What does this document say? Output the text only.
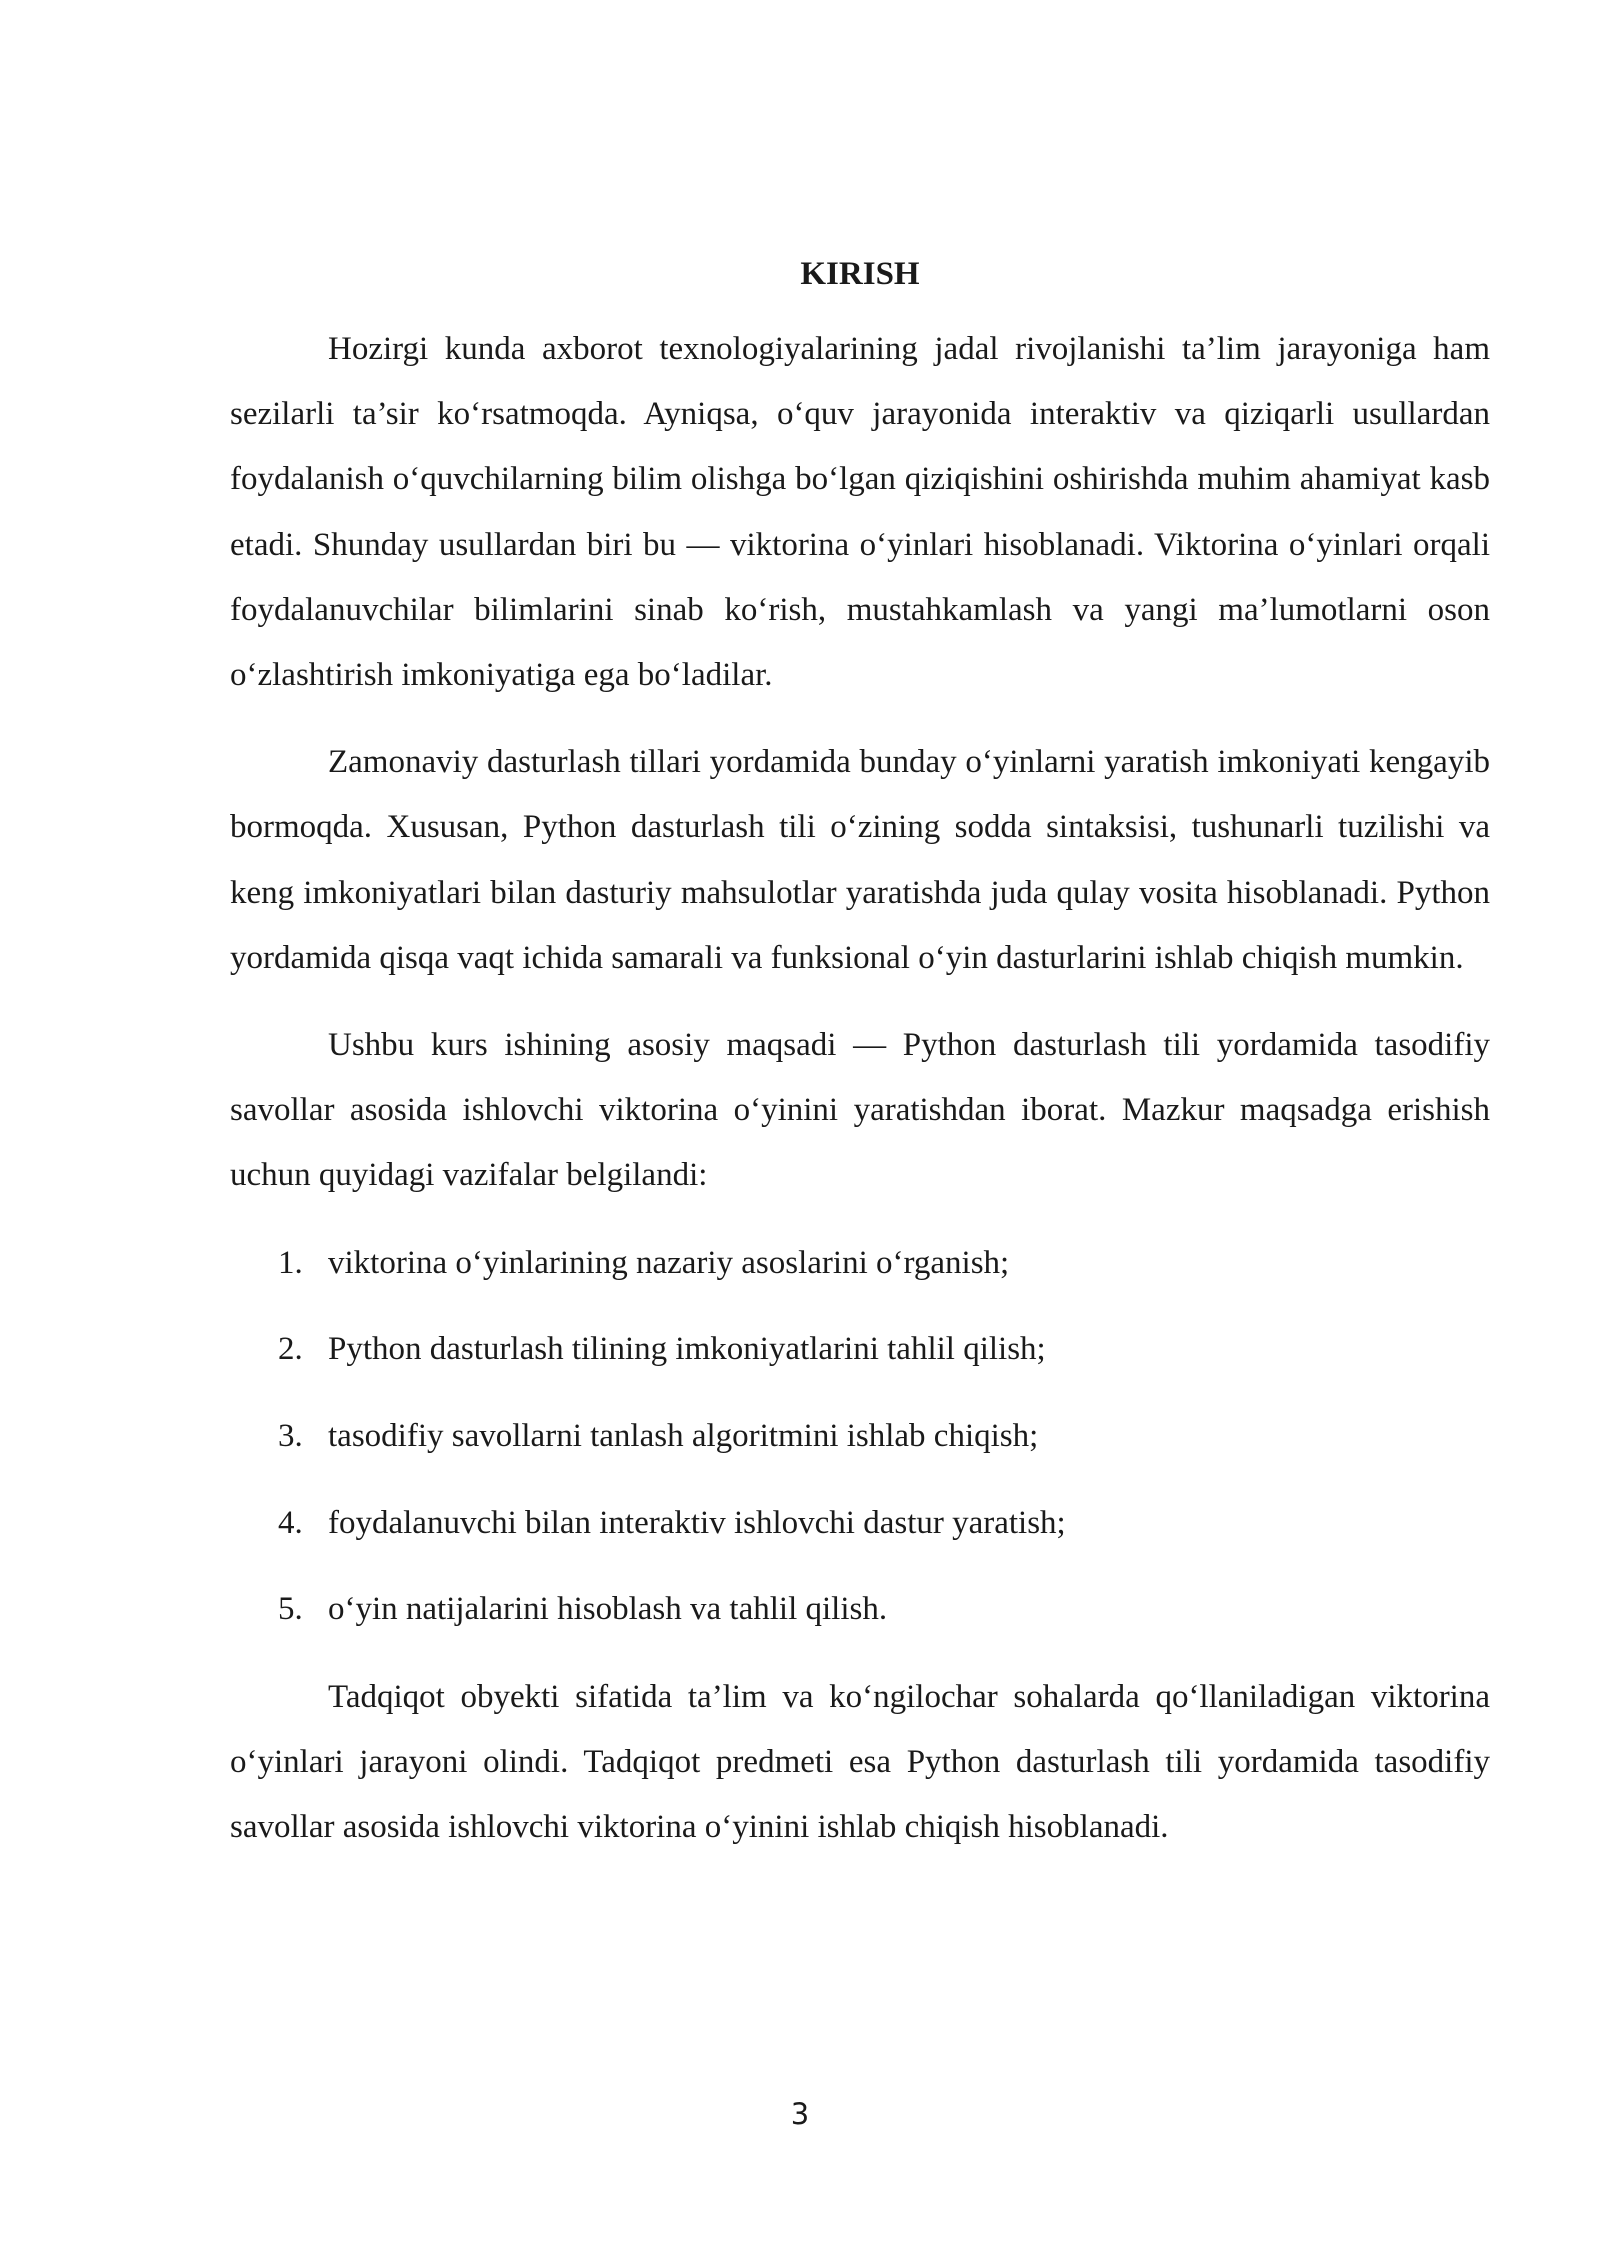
KIRISH

Hozirgi kunda axborot texnologiyalarining jadal rivojlanishi ta’lim jarayoniga ham sezilarli ta’sir ko‘rsatmoqda. Ayniqsa, o‘quv jarayonida interaktiv va qiziqarli usullardan foydalanish o‘quvchilarning bilim olishga bo‘lgan qiziqishini oshirishda muhim ahamiyat kasb etadi. Shunday usullardan biri bu — viktorina o‘yinlari hisoblanadi. Viktorina o‘yinlari orqali foydalanuvchilar bilimlarini sinab ko‘rish, mustahkamlash va yangi ma’lumotlarni oson o‘zlashtirish imkoniyatiga ega bo‘ladilar.

Zamonaviy dasturlash tillari yordamida bunday o‘yinlarni yaratish imkoniyati kengayib bormoqda. Xususan, Python dasturlash tili o‘zining sodda sintaksisi, tushunarli tuzilishi va keng imkoniyatlari bilan dasturiy mahsulotlar yaratishda juda qulay vosita hisoblanadi. Python yordamida qisqa vaqt ichida samarali va funksional o‘yin dasturlarini ishlab chiqish mumkin.

Ushbu kurs ishining asosiy maqsadi — Python dasturlash tili yordamida tasodifiy savollar asosida ishlovchi viktorina o‘yinini yaratishdan iborat. Mazkur maqsadga erishish uchun quyidagi vazifalar belgilandi:

1. viktorina o‘yinlarining nazariy asoslarini o‘rganish;
2. Python dasturlash tilining imkoniyatlarini tahlil qilish;
3. tasodifiy savollarni tanlash algoritmini ishlab chiqish;
4. foydalanuvchi bilan interaktiv ishlovchi dastur yaratish;
5. o‘yin natijalarini hisoblash va tahlil qilish.

Tadqiqot obyekti sifatida ta’lim va ko‘ngilochar sohalarda qo‘llaniladigan viktorina o‘yinlari jarayoni olindi. Tadqiqot predmeti esa Python dasturlash tili yordamida tasodifiy savollar asosida ishlovchi viktorina o‘yinini ishlab chiqish hisoblanadi.

3
